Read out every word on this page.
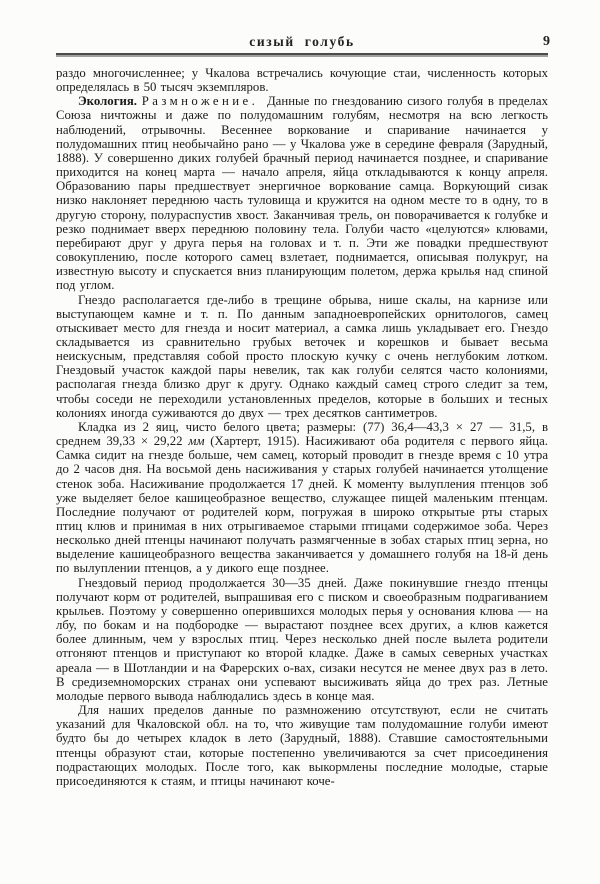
сизый голубь	9

раздо многочисленнее; у Чкалова встречались кочующие стаи, численность которых определялась в 50 тысяч экземпляров.

Экология. Размножение. Данные по гнездованию сизого голубя в пределах Союза ничтожны и даже по полудомашним голубям, несмотря на всю легкость наблюдений, отрывочны. Весеннее воркование и спаривание начинается у полудомашних птиц необычайно рано — у Чкалова уже в середине февраля (Зарудный, 1888). У совершенно диких голубей брачный период начинается позднее, и спаривание приходится на конец марта — начало апреля, яйца откладываются к концу апреля. Образованию пары предшествует энергичное воркование самца. Воркующий сизак низко наклоняет переднюю часть туловища и кружится на одном месте то в одну, то в другую сторону, полураспустив хвост. Заканчивая трель, он поворачивается к голубке и резко поднимает вверх переднюю половину тела. Голуби часто «целуются» клювами, перебирают друг у друга перья на головах и т. п. Эти же повадки предшествуют совокуплению, после которого самец взлетает, поднимается, описывая полукруг, на известную высоту и спускается вниз планирующим полетом, держа крылья над спиной под углом.

Гнездо располагается где-либо в трещине обрыва, нише скалы, на карнизе или выступающем камне и т. п. По данным западноевропейских орнитологов, самец отыскивает место для гнезда и носит материал, а самка лишь укладывает его. Гнездо складывается из сравнительно грубых веточек и корешков и бывает весьма неискусным, представляя собой просто плоскую кучку с очень неглубоким лотком. Гнездовый участок каждой пары невелик, так как голуби селятся часто колониями, располагая гнезда близко друг к другу. Однако каждый самец строго следит за тем, чтобы соседи не переходили установленных пределов, которые в больших и тесных колониях иногда суживаются до двух — трех десятков сантиметров.

Кладка из 2 яиц, чисто белого цвета; размеры: (77) 36,4—43,3 × 27 — 31,5, в среднем 39,33 × 29,22 мм (Хартерт, 1915). Насиживают оба родителя с первого яйца. Самка сидит на гнезде больше, чем самец, который проводит в гнезде время с 10 утра до 2 часов дня. На восьмой день насиживания у старых голубей начинается утолщение стенок зоба. Насиживание продолжается 17 дней. К моменту вылупления птенцов зоб уже выделяет белое кашицеобразное вещество, служащее пищей маленьким птенцам. Последние получают от родителей корм, погружая в широко открытые рты старых птиц клюв и принимая в них отрыгиваемое старыми птицами содержимое зоба. Через несколько дней птенцы начинают получать размягченные в зобах старых птиц зерна, но выделение кашицеобразного вещества заканчивается у домашнего голубя на 18-й день по вылуплении птенцов, а у дикого еще позднее.

Гнездовый период продолжается 30—35 дней. Даже покинувшие гнездо птенцы получают корм от родителей, выпрашивая его с писком и своеобразным подрагиванием крыльев. Поэтому у совершенно оперившихся молодых перья у основания клюва — на лбу, по бокам и на подбородке — вырастают позднее всех других, а клюв кажется более длинным, чем у взрослых птиц. Через несколько дней после вылета родители отгоняют птенцов и приступают ко второй кладке. Даже в самых северных участках ареала — в Шотландии и на Фарерских о-вах, сизаки несутся не менее двух раз в лето. В средиземноморских странах они успевают высиживать яйца до трех раз. Летные молодые первого вывода наблюдались здесь в конце мая.

Для наших пределов данные по размножению отсутствуют, если не считать указаний для Чкаловской обл. на то, что живущие там полудомашние голуби имеют будто бы до четырех кладок в лето (Зарудный, 1888). Ставшие самостоятельными птенцы образуют стаи, которые постепенно увеличиваются за счет присоединения подрастающих молодых. После того, как выкормлены последние молодые, старые присоединяются к стаям, и птицы начинают коче-
